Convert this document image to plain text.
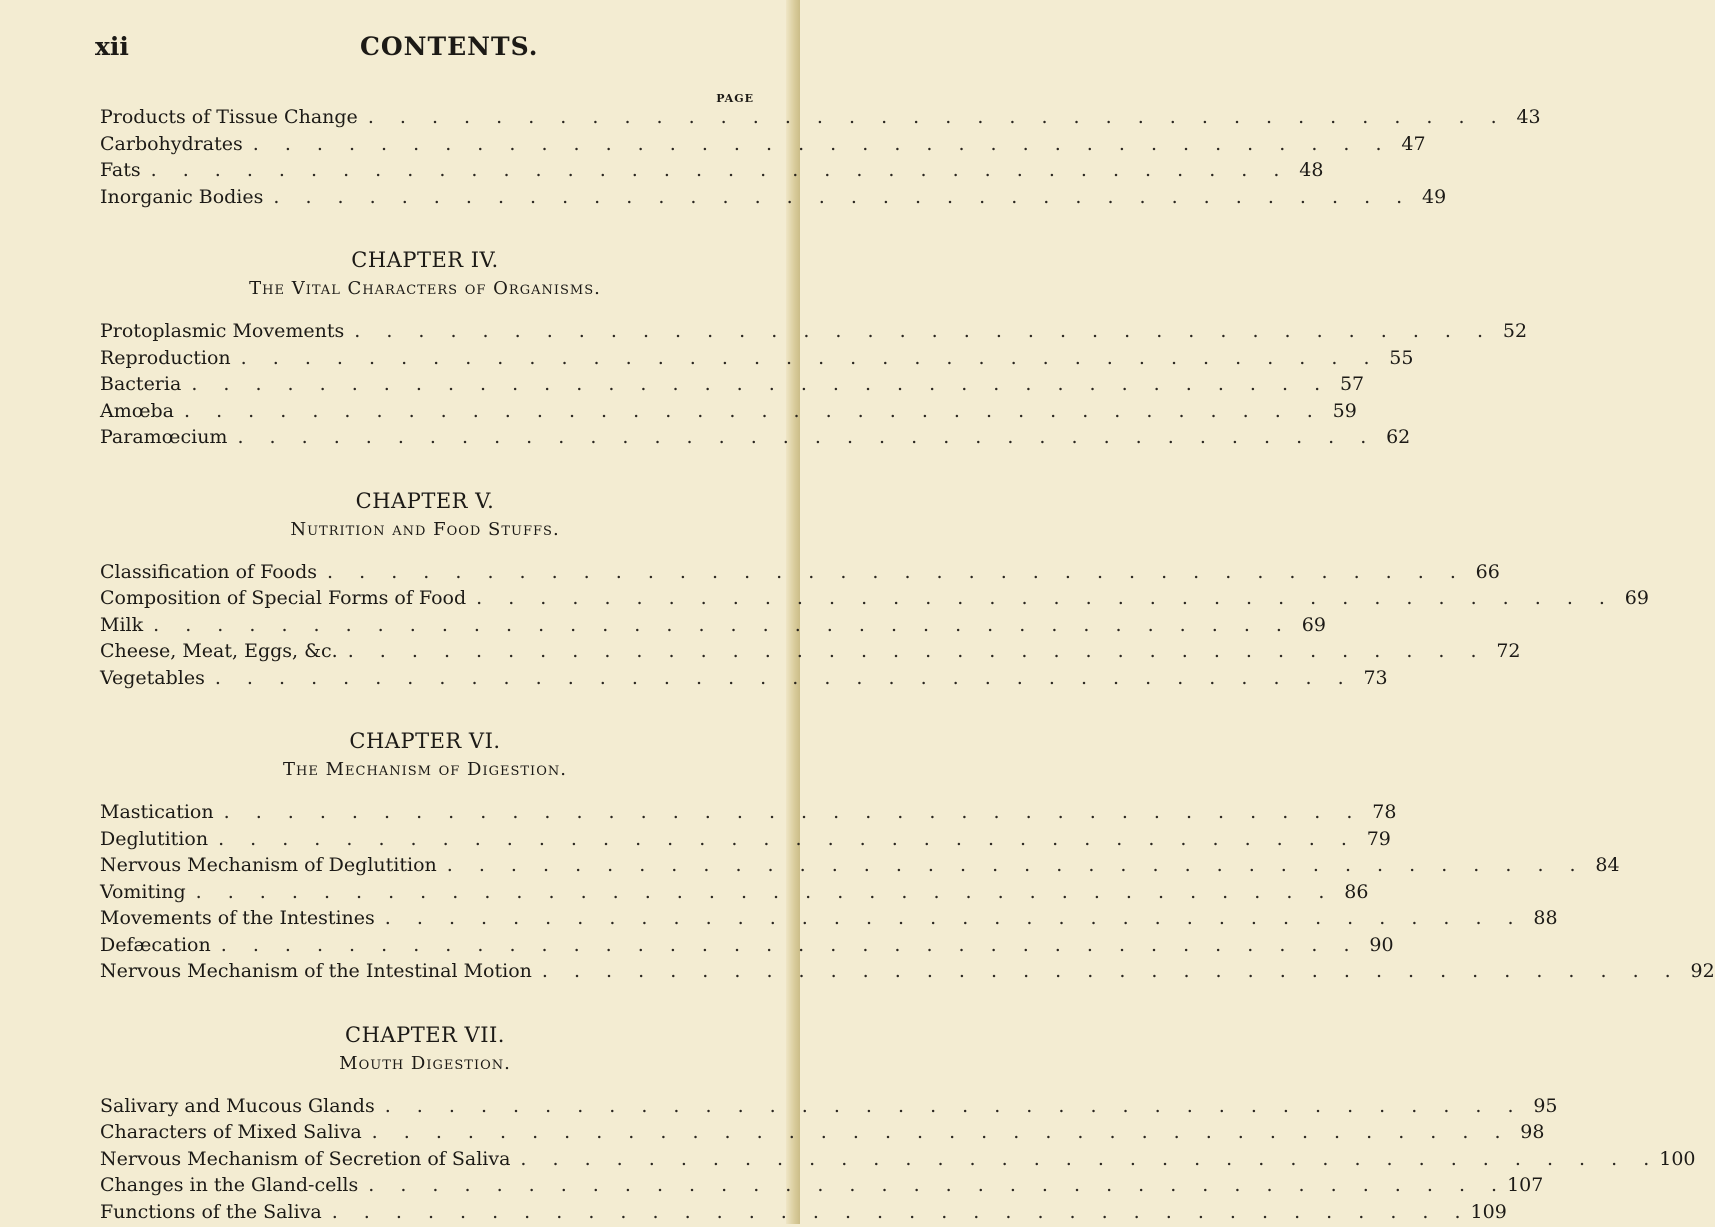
xii	CONTENTS.
PAGE
Products of Tissue Change . . . . . . . . . . . . . . . . . . . . . . . . . . . . . . . . . . . . 43
Carbohydrates . . . . . . . . . . . . . . . . . . . . . . . . . . . . . . . . . . . . 47
Fats . . . . . . . . . . . . . . . . . . . . . . . . . . . . . . . . . . . . 48
Inorganic Bodies . . . . . . . . . . . . . . . . . . . . . . . . . . . . . . . . . . . . 49
CHAPTER IV.
The Vital Characters of Organisms.
Protoplasmic Movements . . . . . . . . . . . . . . . . . . . . . . . . . . . . . . . . . . . . 52
Reproduction . . . . . . . . . . . . . . . . . . . . . . . . . . . . . . . . . . . . 55
Bacteria . . . . . . . . . . . . . . . . . . . . . . . . . . . . . . . . . . . . 57
Amœba . . . . . . . . . . . . . . . . . . . . . . . . . . . . . . . . . . . . 59
Paramœcium . . . . . . . . . . . . . . . . . . . . . . . . . . . . . . . . . . . . 62
CHAPTER V.
Nutrition and Food Stuffs.
Classification of Foods . . . . . . . . . . . . . . . . . . . . . . . . . . . . . . . . . . . . 66
Composition of Special Forms of Food . . . . . . . . . . . . . . . . . . . . . . . . . . . . . . . . . . . . 69
Milk . . . . . . . . . . . . . . . . . . . . . . . . . . . . . . . . . . . . 69
Cheese, Meat, Eggs, &c. . . . . . . . . . . . . . . . . . . . . . . . . . . . . . . . . . . . . 72
Vegetables . . . . . . . . . . . . . . . . . . . . . . . . . . . . . . . . . . . . 73
CHAPTER VI.
The Mechanism of Digestion.
Mastication . . . . . . . . . . . . . . . . . . . . . . . . . . . . . . . . . . . . 78
Deglutition . . . . . . . . . . . . . . . . . . . . . . . . . . . . . . . . . . . . 79
Nervous Mechanism of Deglutition . . . . . . . . . . . . . . . . . . . . . . . . . . . . . . . . . . . . 84
Vomiting . . . . . . . . . . . . . . . . . . . . . . . . . . . . . . . . . . . . 86
Movements of the Intestines . . . . . . . . . . . . . . . . . . . . . . . . . . . . . . . . . . . . 88
Defæcation . . . . . . . . . . . . . . . . . . . . . . . . . . . . . . . . . . . . 90
Nervous Mechanism of the Intestinal Motion . . . . . . . . . . . . . . . . . . . . . . . . . . . . . . . . . . . . 92
CHAPTER VII.
Mouth Digestion.
Salivary and Mucous Glands . . . . . . . . . . . . . . . . . . . . . . . . . . . . . . . . . . . . 95
Characters of Mixed Saliva . . . . . . . . . . . . . . . . . . . . . . . . . . . . . . . . . . . . 98
Nervous Mechanism of Secretion of Saliva . . . . . . . . . . . . . . . . . . . . . . . . . . . . . . . . . . . . 100
Changes in the Gland-cells . . . . . . . . . . . . . . . . . . . . . . . . . . . . . . . . . . . . 107
Functions of the Saliva . . . . . . . . . . . . . . . . . . . . . . . . . . . . . . . . . . . . 109
